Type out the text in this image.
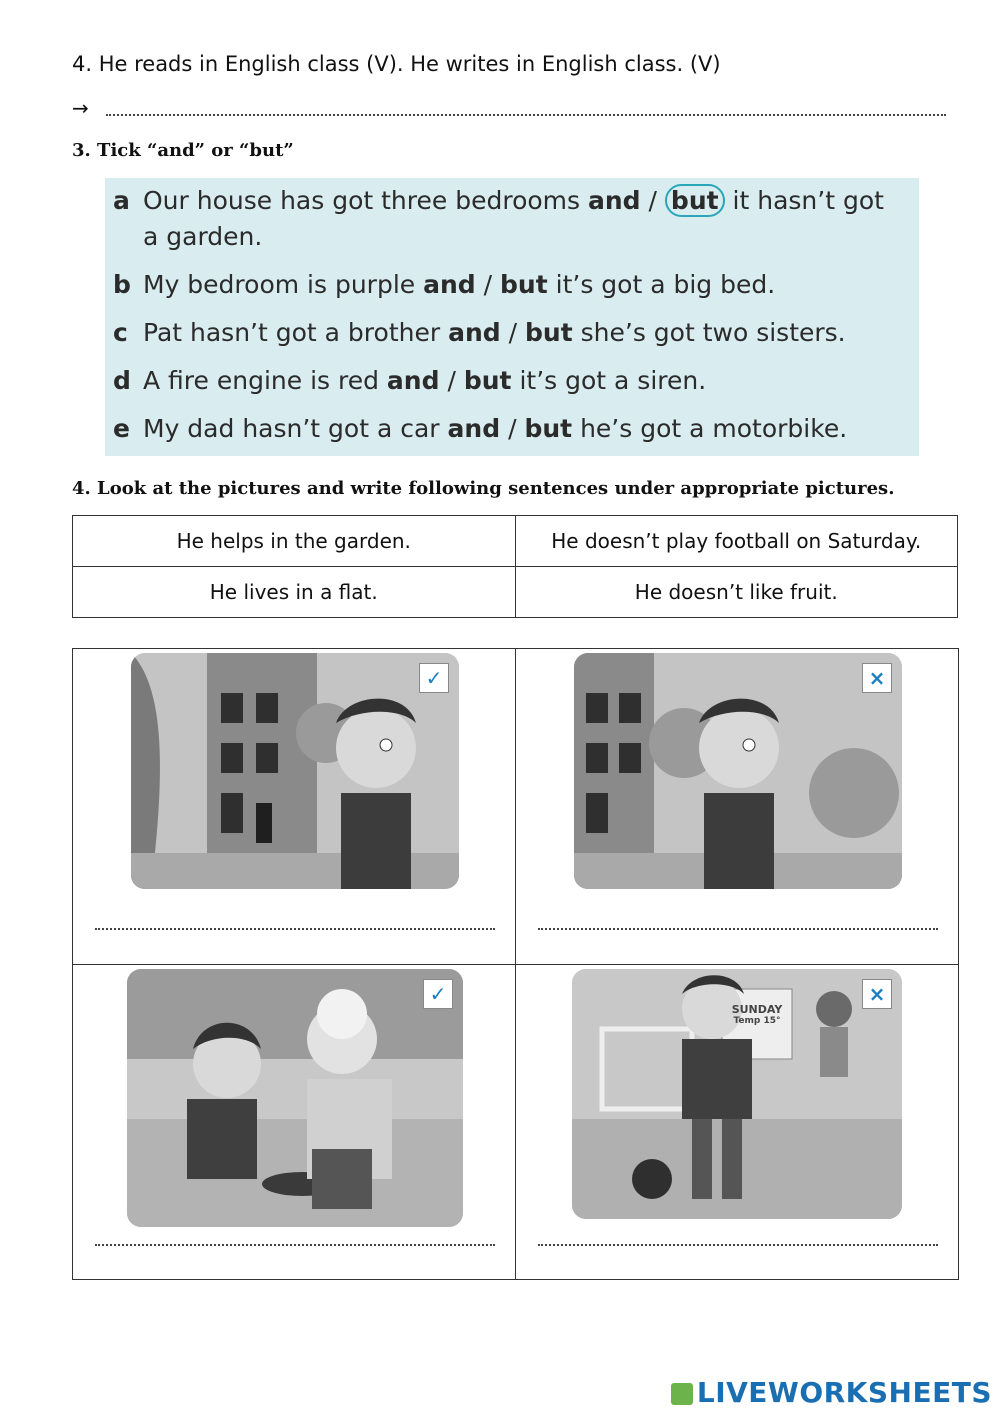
4. He reads in English class (V). He writes in English class. (V)
→
3. Tick “and” or “but”
a Our house has got three bedrooms and / but it hasn’t got
a garden.
b My bedroom is purple and / but it’s got a big bed.
c Pat hasn’t got a brother and / but she’s got two sisters.
d A fire engine is red and / but it’s got a siren.
e My dad hasn’t got a car and / but he’s got a motorbike.
4. Look at the pictures and write following sentences under appropriate pictures.
He helps in the garden.	He doesn’t play football on Saturday.
He lives in a flat.	He doesn’t like fruit.
✓	×

✓	SUNDAY
Temp 15°
×
LIVEWORKSHEETS
